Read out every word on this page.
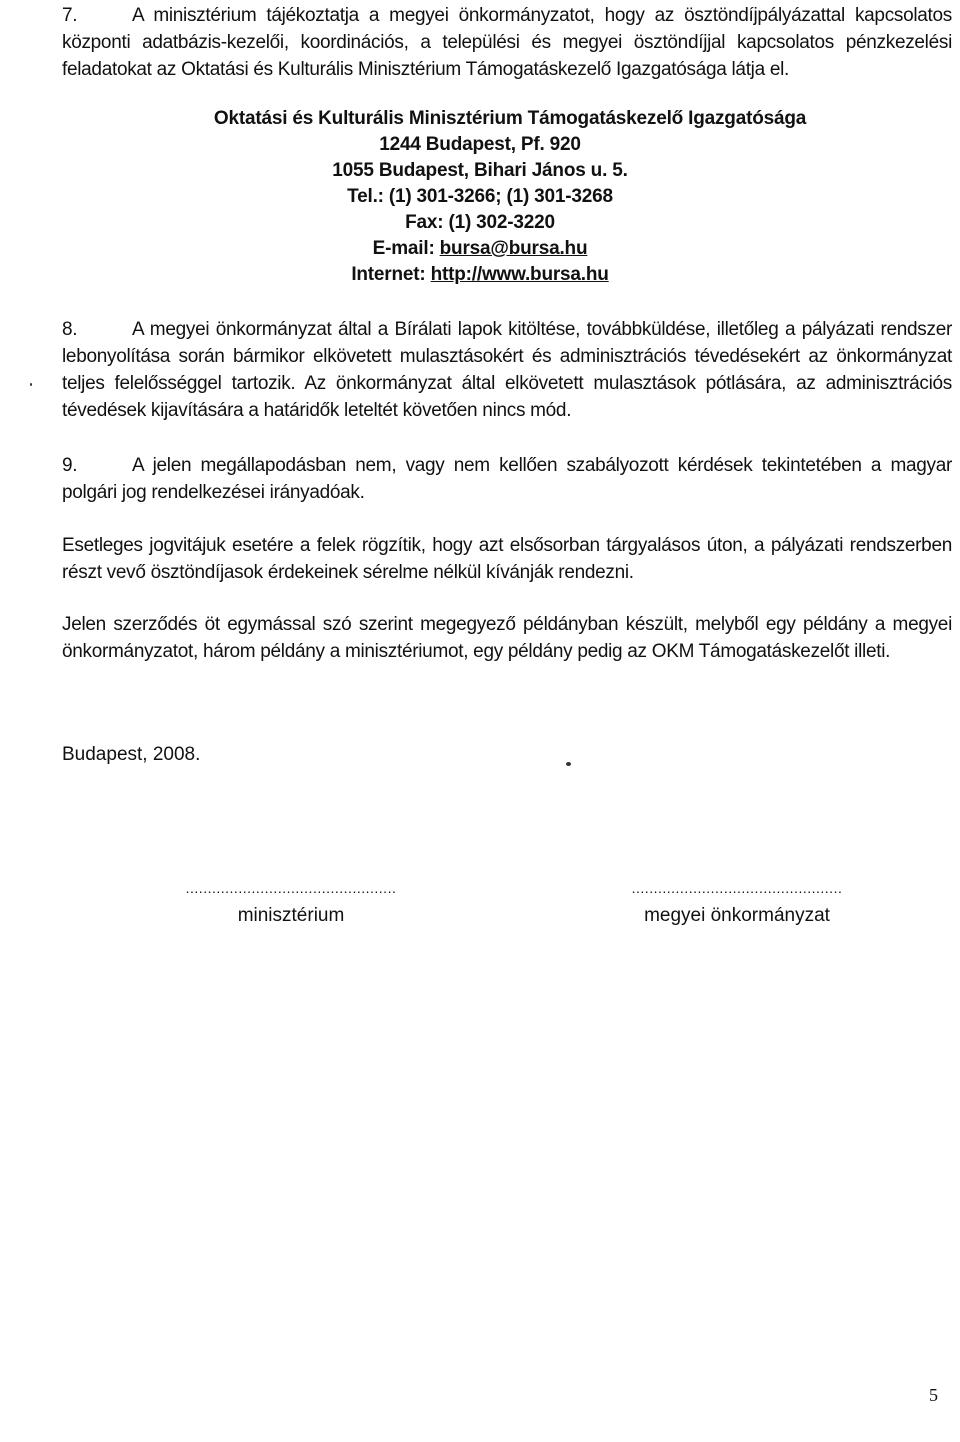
7.	A minisztérium tájékoztatja a megyei önkormányzatot, hogy az ösztöndíjpályázattal kapcsolatos központi adatbázis-kezelői, koordinációs, a települési és megyei ösztöndíjjal kapcsolatos pénzkezelési feladatokat az Oktatási és Kulturális Minisztérium Támogatáskezelő Igazgatósága látja el.
Oktatási és Kulturális Minisztérium Támogatáskezelő Igazgatósága
1244 Budapest, Pf. 920
1055 Budapest, Bihari János u. 5.
Tel.: (1) 301-3266; (1) 301-3268
Fax: (1) 302-3220
E-mail: bursa@bursa.hu
Internet: http://www.bursa.hu
8.	A megyei önkormányzat által a Bírálati lapok kitöltése, továbbküldése, illetőleg a pályázati rendszer lebonyolítása során bármikor elkövetett mulasztásokért és adminisztrációs tévedésekért az önkormányzat teljes felelősséggel tartozik. Az önkormányzat által elkövetett mulasztások pótlására, az adminisztrációs tévedések kijavítására a határidők leteltét követően nincs mód.
9.	A jelen megállapodásban nem, vagy nem kellően szabályozott kérdések tekintetében a magyar polgári jog rendelkezései irányadóak.
Esetleges jogvitájuk esetére a felek rögzítik, hogy azt elsősorban tárgyalásos úton, a pályázati rendszerben részt vevő ösztöndíjasok érdekeinek sérelme nélkül kívánják rendezni.
Jelen szerződés öt egymással szó szerint megegyező példányban készült, melyből egy példány a megyei önkormányzatot, három példány a minisztériumot, egy példány pedig az OKM Támogatáskezelőt illeti.
Budapest, 2008.
................................................
minisztérium
................................................
megyei önkormányzat
5
